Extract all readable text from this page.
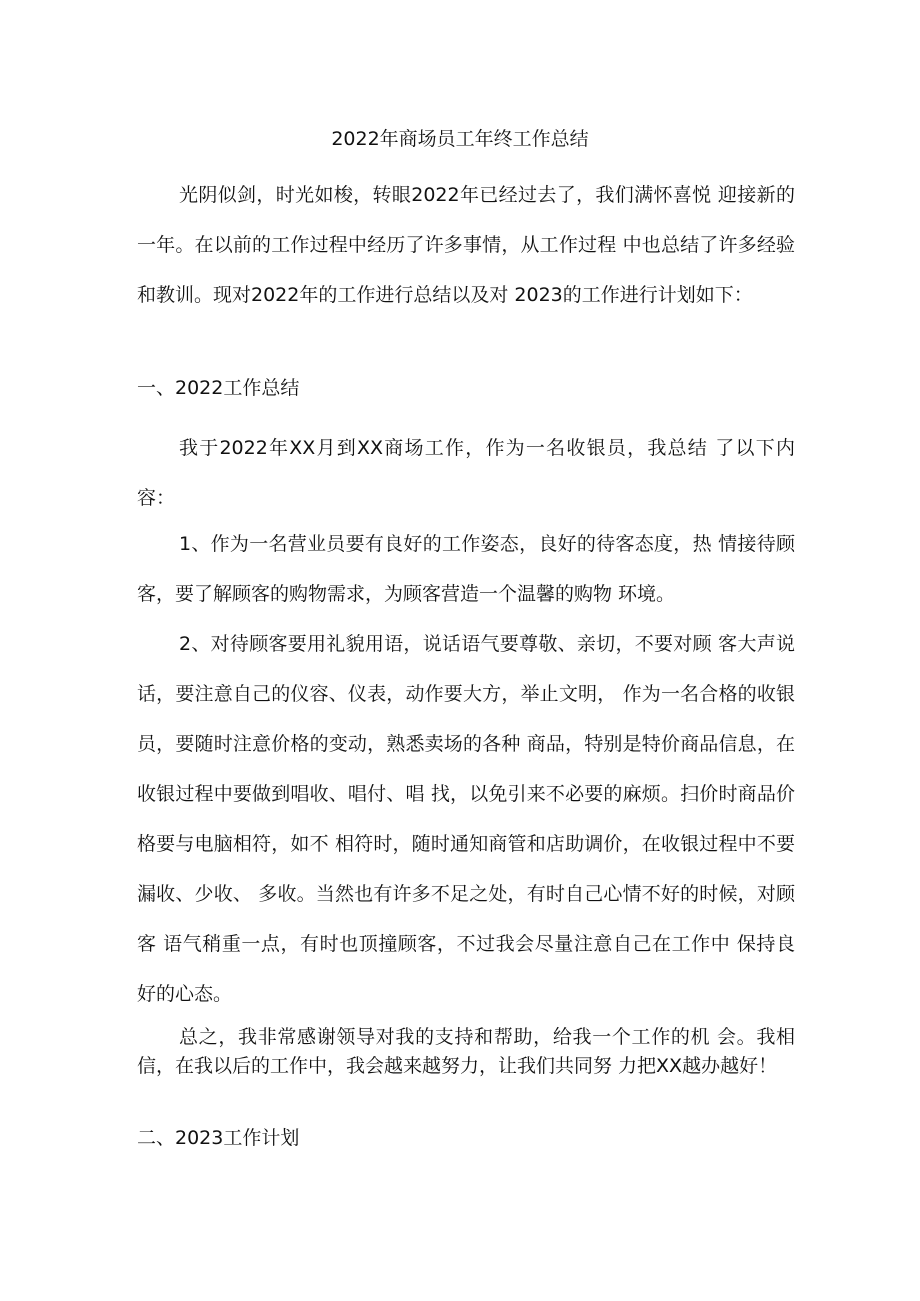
2022年商场员工年终工作总结

光阴似剑，时光如梭，转眼2022年已经过去了，我们满怀喜悦 迎接新的一年。在以前的工作过程中经历了许多事情，从工作过程 中也总结了许多经验和教训。现对2022年的工作进行总结以及对 2023的工作进行计划如下：

一、2022工作总结

我于2022年XX月到XX商场工作，作为一名收银员，我总结 了以下内容：

1、作为一名营业员要有良好的工作姿态，良好的待客态度，热 情接待顾客，要了解顾客的购物需求，为顾客营造一个温馨的购物 环境。

2、对待顾客要用礼貌用语，说话语气要尊敬、亲切，不要对顾 客大声说话，要注意自己的仪容、仪表，动作要大方，举止文明， 作为一名合格的收银员，要随时注意价格的变动，熟悉卖场的各种 商品，特别是特价商品信息，在收银过程中要做到唱收、唱付、唱 找，以免引来不必要的麻烦。扫价时商品价格要与电脑相符，如不 相符时，随时通知商管和店助调价，在收银过程中不要漏收、少收、 多收。当然也有许多不足之处，有时自己心情不好的时候，对顾客 语气稍重一点，有时也顶撞顾客，不过我会尽量注意自己在工作中 保持良好的心态。

总之，我非常感谢领导对我的支持和帮助，给我一个工作的机 会。我相信，在我以后的工作中，我会越来越努力，让我们共同努 力把XX越办越好！

二、2023工作计划
